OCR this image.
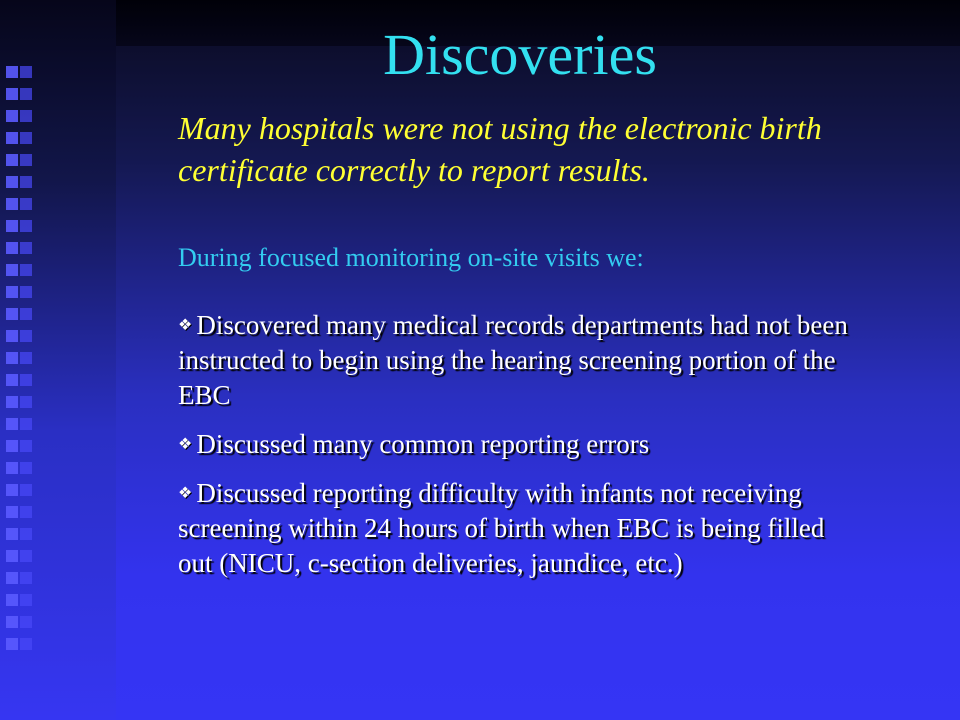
Discoveries
Many hospitals were not using the electronic birth certificate correctly to report results.
During focused monitoring on-site visits we:
❖ Discovered many medical records departments had not been instructed to begin using the hearing screening portion of the EBC
❖ Discussed many common reporting errors
❖ Discussed reporting difficulty with infants not receiving screening within 24 hours of birth when EBC is being filled out (NICU, c-section deliveries, jaundice, etc.)
